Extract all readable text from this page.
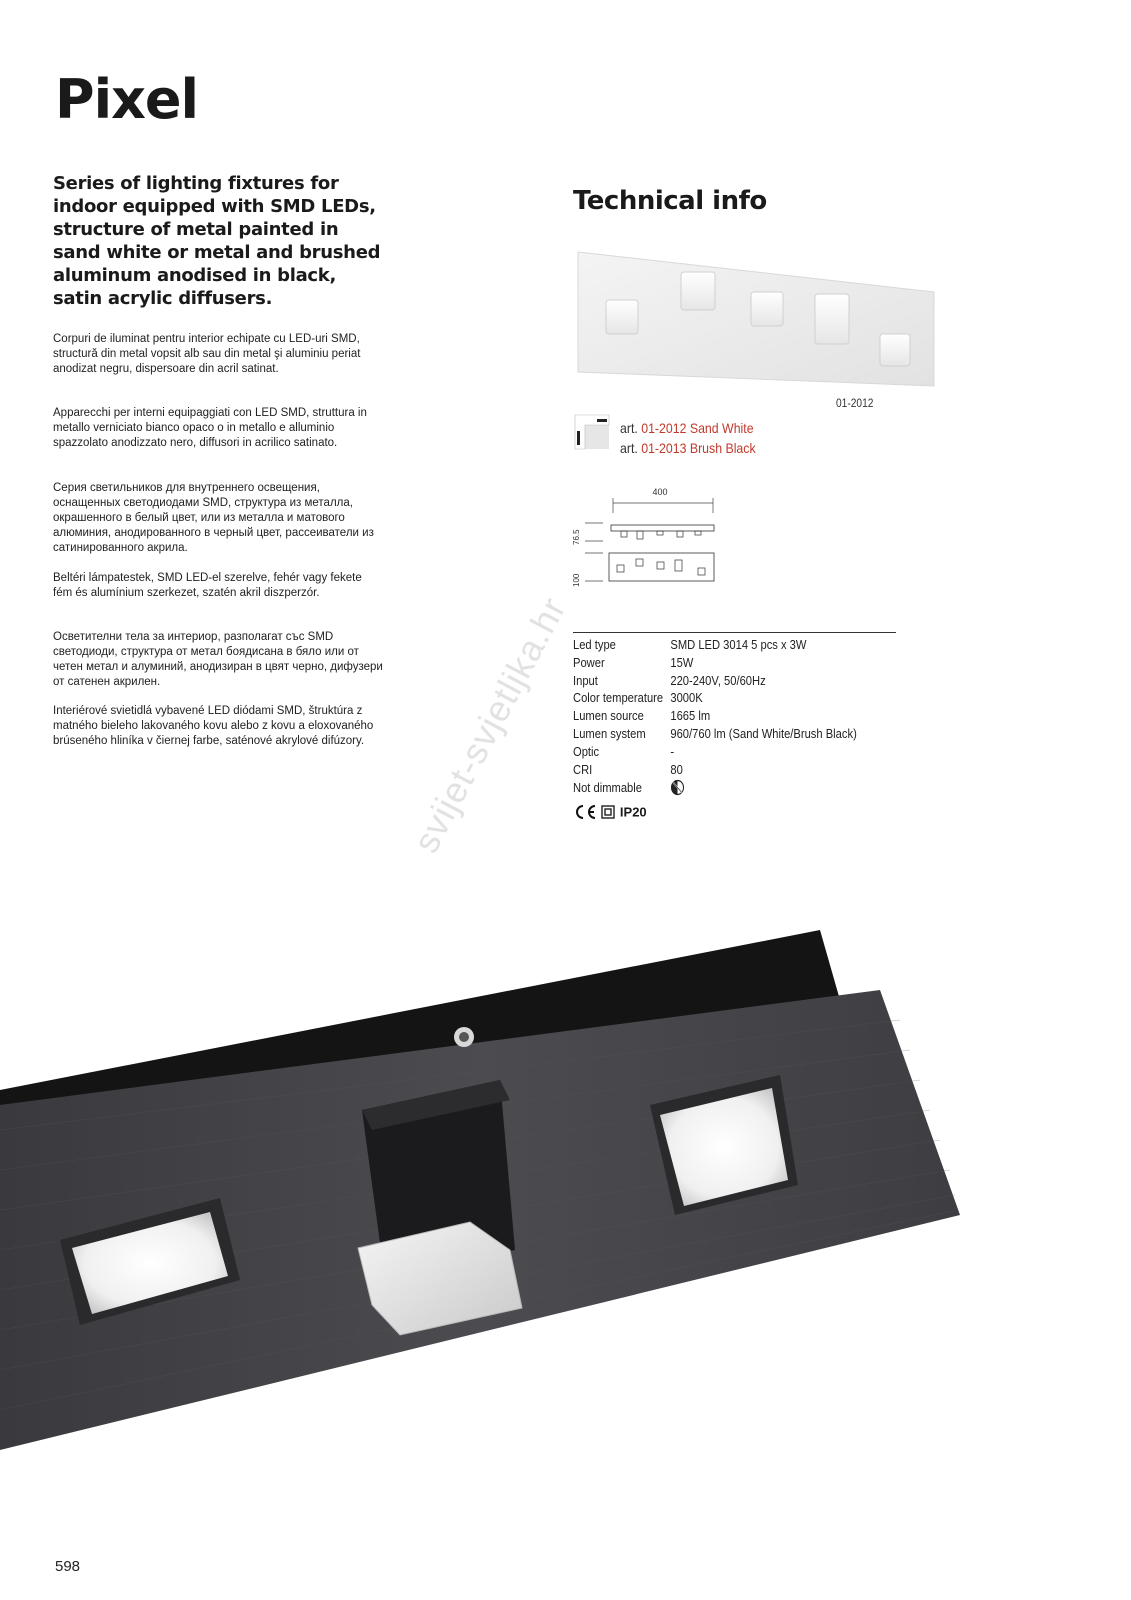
Pixel

Series of lighting fixtures for indoor equipped with SMD LEDs, structure of metal painted in sand white or metal and brushed aluminum anodised in black, satin acrylic diffusers.

Corpuri de iluminat pentru interior echipate cu LED-uri SMD, structură din metal vopsit alb sau din metal şi aluminiu periat anodizat negru, dispersoare din acril satinat.

Apparecchi per interni equipaggiati con LED SMD, struttura in metallo verniciato bianco opaco o in metallo e alluminio spazzolato anodizzato nero, diffusori in acrilico satinato.

Серия светильников для внутреннего освещения, оснащенных светодиодами SMD, структура из металла, окрашенного в белый цвет, или из металла и матового алюминия, анодированного в черный цвет, рассеиватели из сатинированного акрила.

Beltéri lámpatestek, SMD LED-el szerelve, fehér vagy fekete fém és alumínium szerkezet, szatén akril diszperzór.

Осветителни тела за интериор, разполагат със SMD светодиоди, структура от метал боядисана в бяло или от четен метал и алуминий, анодизиран в цвят черно, дифузери от сатенен акрилен.

Interiérové svietidlá vybavené LED diódami SMD, štruktúra z matného bieleho lakovaného kovu alebo z kovu a eloxovaného brúseného hliníka v čiernej farbe, saténové akrylové difúzory.

Technical info
01-2012
art. 01-2012 Sand White
art. 01-2013 Brush Black
400
76.5
100
Led type	SMD LED 3014 5 pcs x 3W
Power	15W
Input	220-240V, 50/60Hz
Color temperature	3000K
Lumen source	1665 lm
Lumen system	960/760 lm (Sand White/Brush Black)
Optic	-
CRI	80
Not dimmable	
IP20
svijet-svjetljka.hr
598
